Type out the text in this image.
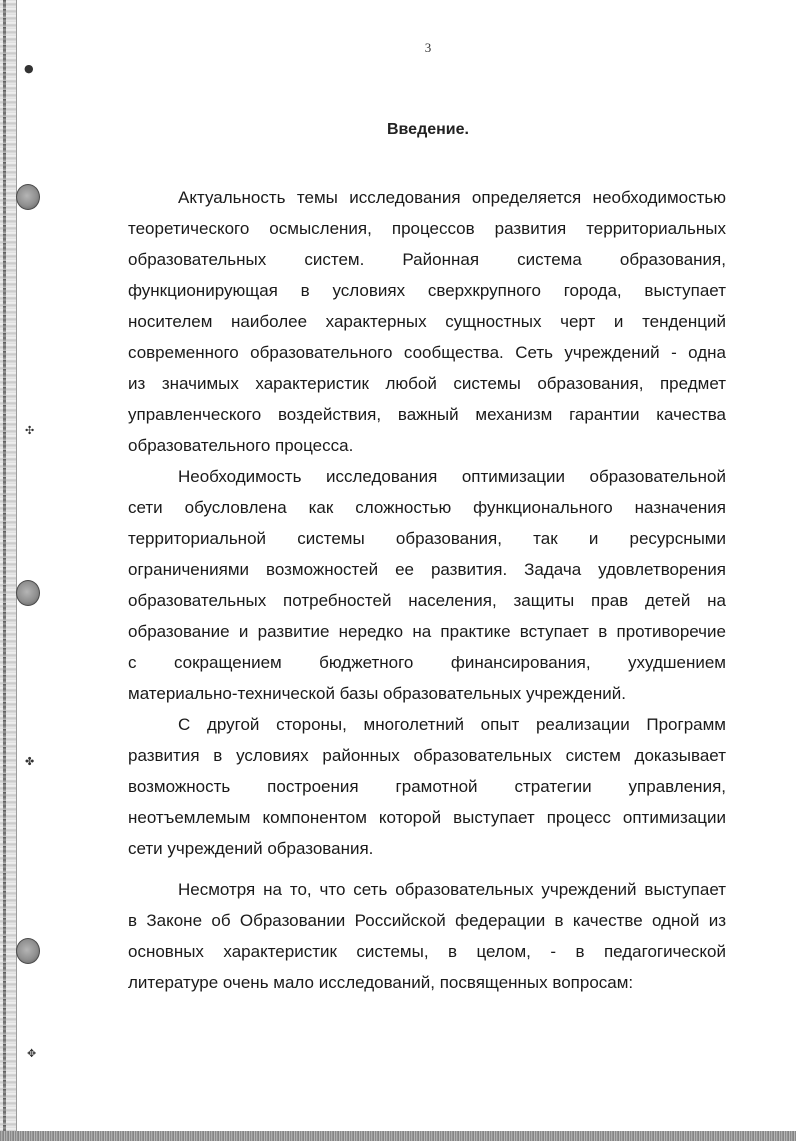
●
✣
✤
✥
3
Введение.
Актуальность темы исследования определяется необходимостью
теоретического осмысления, процессов развития территориальных
образовательных систем. Районная система образования,
функционирующая в условиях сверхкрупного города, выступает
носителем наиболее характерных сущностных черт и тенденций
современного образовательного сообщества. Сеть учреждений - одна
из значимых характеристик любой системы образования, предмет
управленческого воздействия, важный механизм гарантии качества
образовательного процесса.
Необходимость исследования оптимизации образовательной
сети обусловлена как сложностью функционального назначения
территориальной системы образования, так и ресурсными
ограничениями возможностей ее развития. Задача удовлетворения
образовательных потребностей населения, защиты прав детей на
образование и развитие нередко на практике вступает в противоречие
с сокращением бюджетного финансирования, ухудшением
материально-технической базы образовательных учреждений.
С другой стороны, многолетний опыт реализации Программ
развития в условиях районных образовательных систем доказывает
возможность построения грамотной стратегии управления,
неотъемлемым компонентом которой выступает процесс оптимизации
сети учреждений образования.
Несмотря на то, что сеть образовательных учреждений выступает
в Законе об Образовании Российской федерации в качестве одной из
основных характеристик системы, в целом, - в педагогической
литературе очень мало исследований, посвященных вопросам:
